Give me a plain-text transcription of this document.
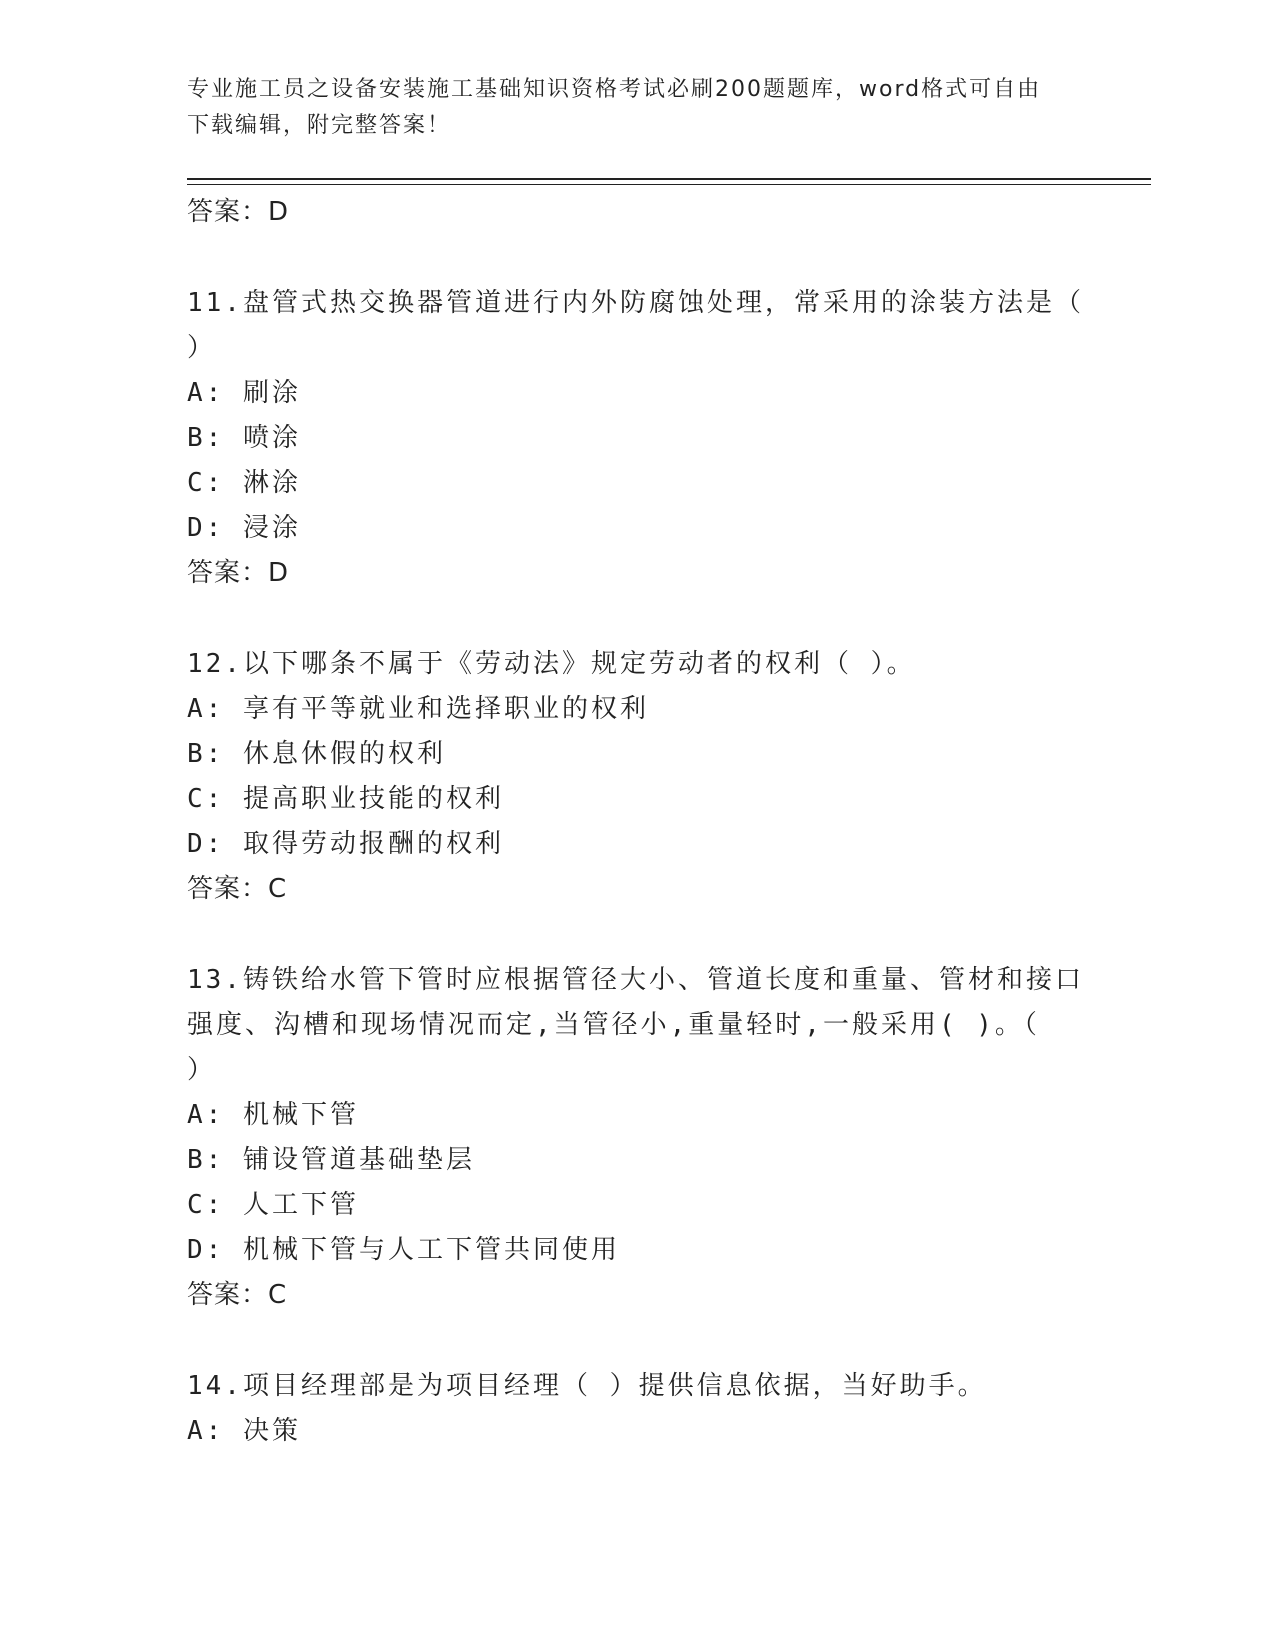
专业施工员之设备安装施工基础知识资格考试必刷200题题库，word格式可自由
下载编辑，附完整答案！
答案：D
11.盘管式热交换器管道进行内外防腐蚀处理，常采用的涂装方法是（
）
A: 刷涂
B: 喷涂
C: 淋涂
D: 浸涂
答案：D
12.以下哪条不属于《劳动法》规定劳动者的权利（ ）。
A: 享有平等就业和选择职业的权利
B: 休息休假的权利
C: 提高职业技能的权利
D: 取得劳动报酬的权利
答案：C
13.铸铁给水管下管时应根据管径大小、管道长度和重量、管材和接口
强度、沟槽和现场情况而定,当管径小,重量轻时,一般采用( )。（
）
A: 机械下管
B: 铺设管道基础垫层
C: 人工下管
D: 机械下管与人工下管共同使用
答案：C
14.项目经理部是为项目经理（ ）提供信息依据，当好助手。
A: 决策
